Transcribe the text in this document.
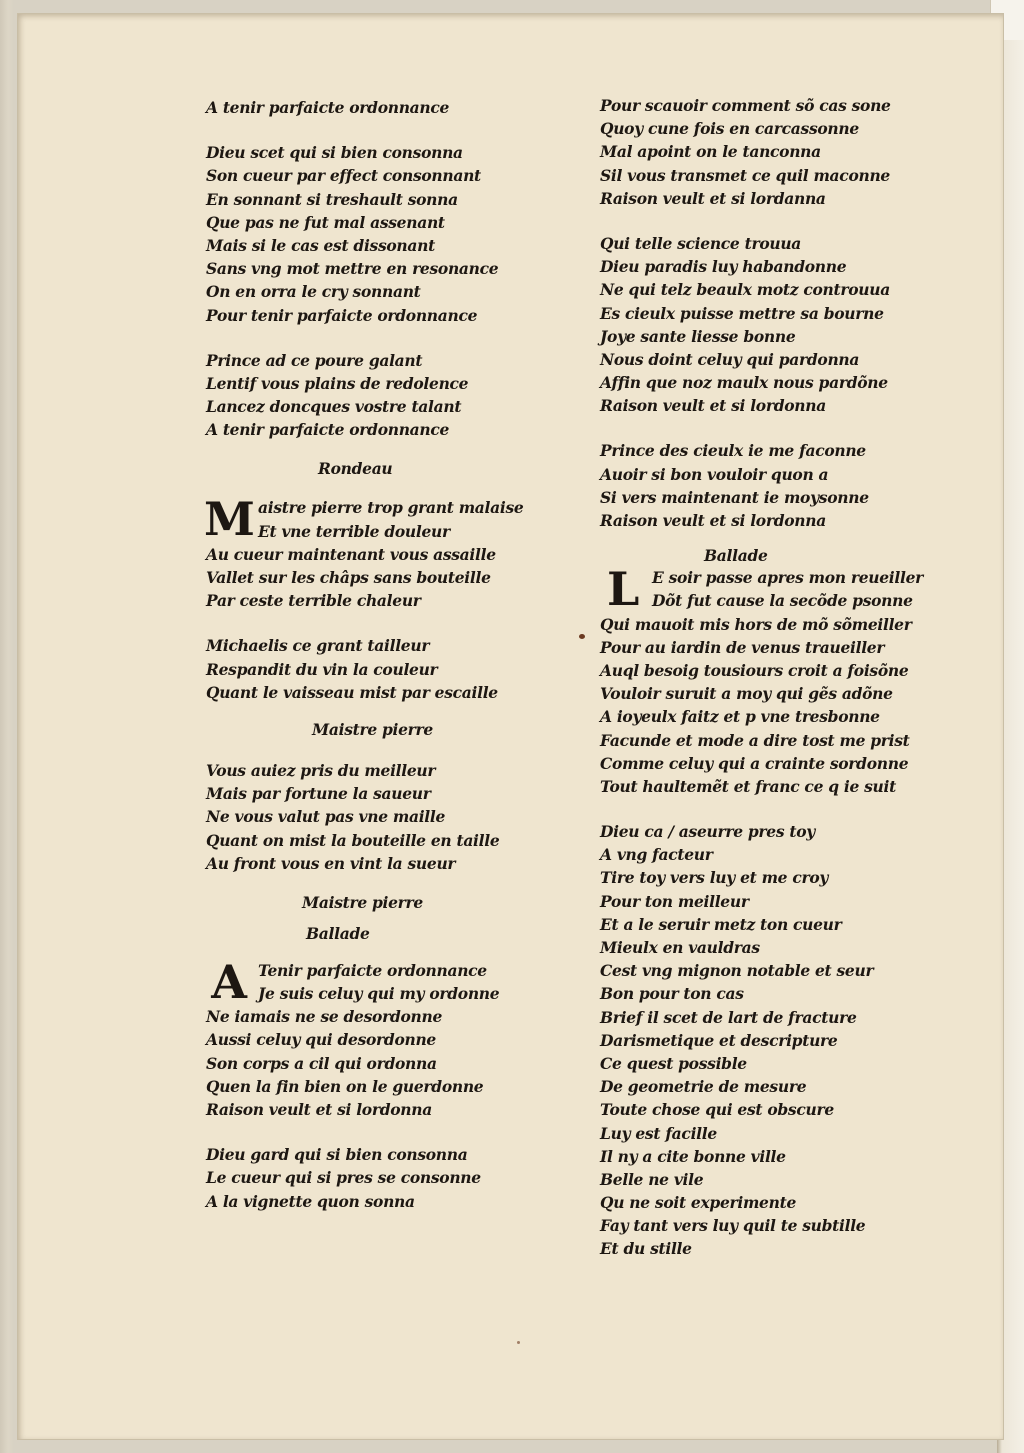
A tenir parfaicte ordonnance
Dieu scet qui si bien consonna
Son cueur par effect consonnant
En sonnant si treshault sonna
Que pas ne fut mal assenant
Mais si le cas est dissonant
Sans vng mot mettre en resonance
On en orra le cry sonnant
Pour tenir parfaicte ordonnance
Prince ad ce poure galant
Lentif vous plains de redolence
Lancez doncques vostre talant
A tenir parfaicte ordonnance
Rondeau
M aistre pierre trop grant malaise
Et vne terrible douleur
Au cueur maintenant vous assaille
Vallet sur les châps sans bouteille
Par ceste terrible chaleur
Michaelis ce grant tailleur
Respandit du vin la couleur
Quant le vaisseau mist par escaille
Maistre pierre
Vous auiez pris du meilleur
Mais par fortune la saueur
Ne vous valut pas vne maille
Quant on mist la bouteille en taille
Au front vous en vint la sueur
Maistre pierre
Ballade
A Tenir parfaicte ordonnance
Je suis celuy qui my ordonne
Ne iamais ne se desordonne
Aussi celuy qui desordonne
Son corps a cil qui ordonna
Quen la fin bien on le guerdonne
Raison veult et si lordonna
Dieu gard qui si bien consonna
Le cueur qui si pres se consonne
A la vignette quon sonna
Pour scauoir comment sõ cas sone
Quoy cune fois en carcassonne
Mal apoint on le tanconna
Sil vous transmet ce quil maconne
Raison veult et si lordanna
Qui telle science trouua
Dieu paradis luy habandonne
Ne qui telz beaulx motz controuua
Es cieulx puisse mettre sa bourne
Joye sante liesse bonne
Nous doint celuy qui pardonna
Affin que noz maulx nous pardõne
Raison veult et si lordonna
Prince des cieulx ie me faconne
Auoir si bon vouloir quon a
Si vers maintenant ie moysonne
Raison veult et si lordonna
Ballade
L E soir passe apres mon reueiller
Dõt fut cause la secõde psonne
Qui mauoit mis hors de mõ sõmeiller
Pour au iardin de venus traueiller
Auql besoig tousiours croit a foisõne
Vouloir suruit a moy qui gẽs adõne
A ioyeulx faitz et p vne tresbonne
Facunde et mode a dire tost me prist
Comme celuy qui a crainte sordonne
Tout haultemẽt et franc ce q ie suit
Dieu ca / aseurre pres toy
A vng facteur
Tire toy vers luy et me croy
Pour ton meilleur
Et a le seruir metz ton cueur
Mieulx en vauldras
Cest vng mignon notable et seur
Bon pour ton cas
Brief il scet de lart de fracture
Darismetique et descripture
Ce quest possible
De geometrie de mesure
Toute chose qui est obscure
Luy est facille
Il ny a cite bonne ville
Belle ne vile
Qu ne soit experimente
Fay tant vers luy quil te subtille
Et du stille
